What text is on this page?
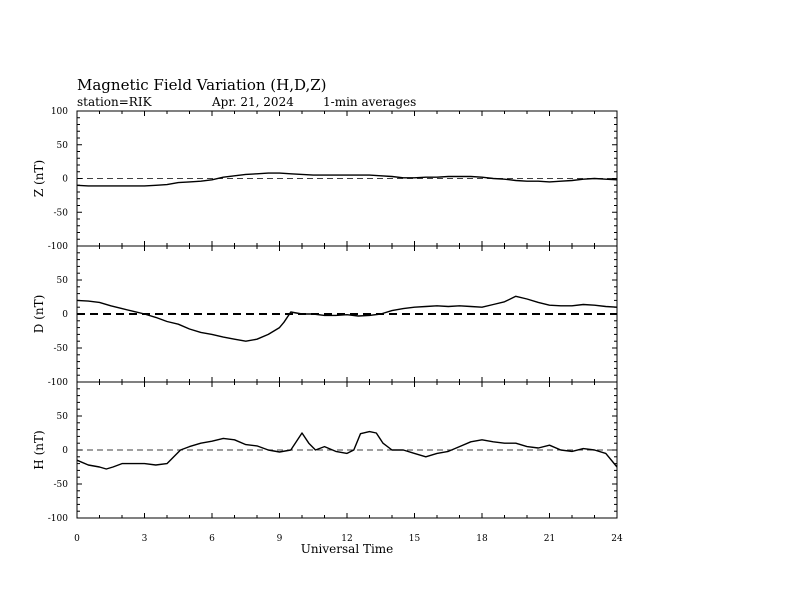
Magnetic Field Variation (H,D,Z)
station=RIK	Apr. 21, 2024 1-min averages
100
50
0
-50
-100
Z (nT)
50
0
-50
-100
D (nT)
50
0
-50
-100
H (nT)
0	3	6	9	12	15	18	21	24
Universal Time
